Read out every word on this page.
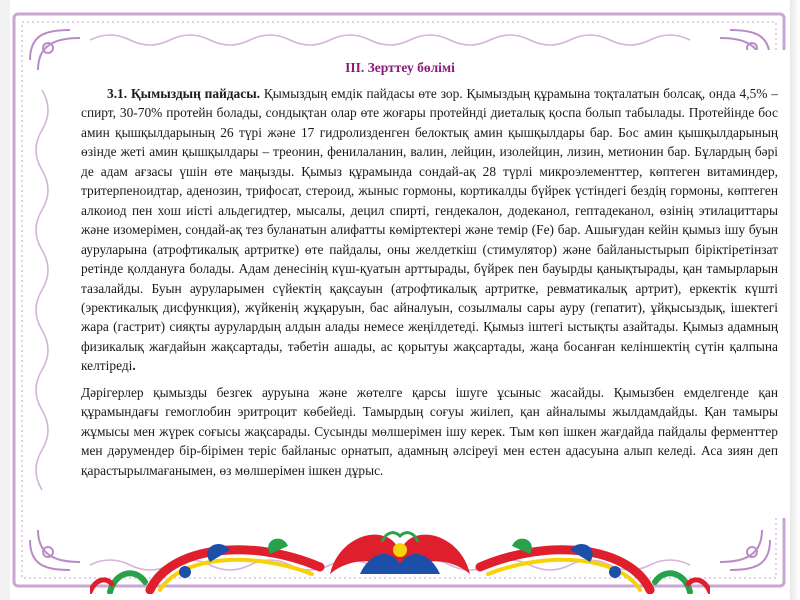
III. Зерттеу бөлімі

3.1. Қымыздың пайдасы. Қымыздың емдік пайдасы өте зор. Қымыздың құрамына тоқталатын болсақ, онда 4,5% –спирт, 30-70% протейн болады, сондықтан олар өте жоғары протейнді диеталық қоспа болып табылады. Протейінде бос амин қышқылдарының 26 түрі және 17 гидролизденген белоктық амин қышқылдары бар. Бос амин қышқылдарының өзінде жеті амин қышқылдары – треонин, фенилаланин, валин, лейцин, изолейцин, лизин, метионин бар. Бұлардың бәрі де адам ағзасы үшін өте маңызды. Қымыз құрамында сондай-ақ 28 түрлі микроэлементтер, көптеген витаминдер, тритерпеноидтар, аденозин, трифосат, стероид, жыныс гормоны, кортикалды бүйрек үстіндегі бездің гормоны, көптеген алкоиод пен хош иісті альдегидтер, мысалы, децил спирті, гендекалон, додеканол, гептадеканол, өзінің этилациттары және изомерімен, сондай-ақ тез буланатын алифатты көміртектері және темір (Fe) бар. Ашығудан кейін қымыз ішу буын ауруларына (атрофтикалық артритке) өте пайдалы, оны желдеткіш (стимулятор) және байланыстырып біріктіретінзат ретінде қолдануға болады. Адам денесінің күш-қуатын арттырады, бүйрек пен бауырды қанықтырады, қан тамырларын тазалайды. Буын ауруларымен сүйектің қақсауын (атрофтикалық артритке, ревматикалық артрит), еркектік күшті (эректикалық дисфункция), жүйкенің жұқаруын, бас айналуын, созылмалы сары ауру (гепатит), ұйқысыздық, ішектегі жара (гастрит) сияқты аурулардың алдын алады немесе жеңілдетеді. Қымыз іштегі ыстықты азайтады. Қымыз адамның физикалық жағдайын жақсартады, тәбетін ашады, ас қорытуы жақсартады, жаңа босанған келіншектің сүтін қалпына келтіреді.

Дәрігерлер қымызды безгек ауруына және жөтелге қарсы ішуге ұсыныс жасайды. Қымызбен емделгенде қан құрамындағы гемоглобин эритроцит көбейеді. Тамырдың соғуы жиілеп, қан айналымы жылдамдайды. Қан тамыры жұмысы мен жүрек соғысы жақсарады. Сусынды мөлшерімен ішу керек. Тым көп ішкен жағдайда пайдалы ферменттер мен дәрумендер бір-бірімен теріс байланыс орнатып, адамның әлсіреуі мен естен адасуына алып келеді. Аса зиян деп қарастырылмағанымен, өз мөлшерімен ішкен дұрыс.
